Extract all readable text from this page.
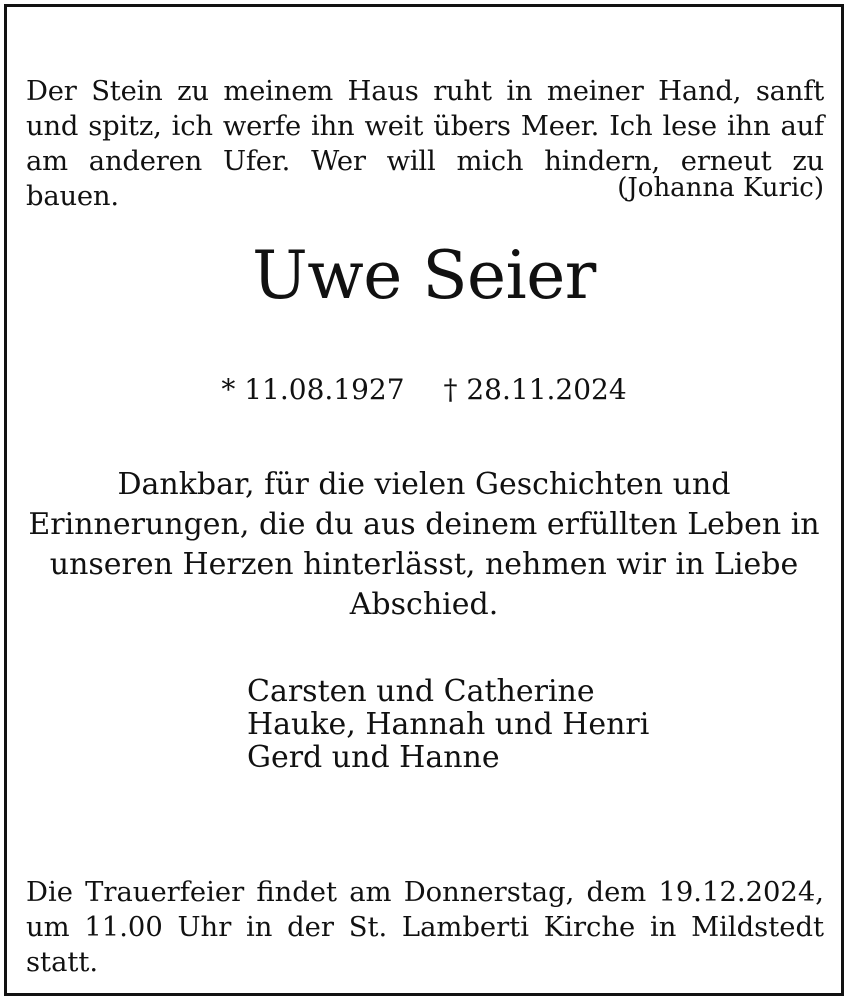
Der Stein zu meinem Haus ruht in meiner Hand, sanft und spitz, ich werfe ihn weit übers Meer. Ich lese ihn auf am anderen Ufer. Wer will mich hindern, erneut zu bauen.	(Johanna Kuric)
Uwe Seier
* 11.08.1927 † 28.11.2024
Dankbar, für die vielen Geschichten und Erinnerungen, die du aus deinem erfüllten Leben in unseren Herzen hinterlässt, nehmen wir in Liebe Abschied.
Carsten und Catherine
Hauke, Hannah und Henri
Gerd und Hanne

Die Trauerfeier findet am Donnerstag, dem 19.12.2024, um 11.00 Uhr in der St. Lamberti Kirche in Mildstedt statt.
